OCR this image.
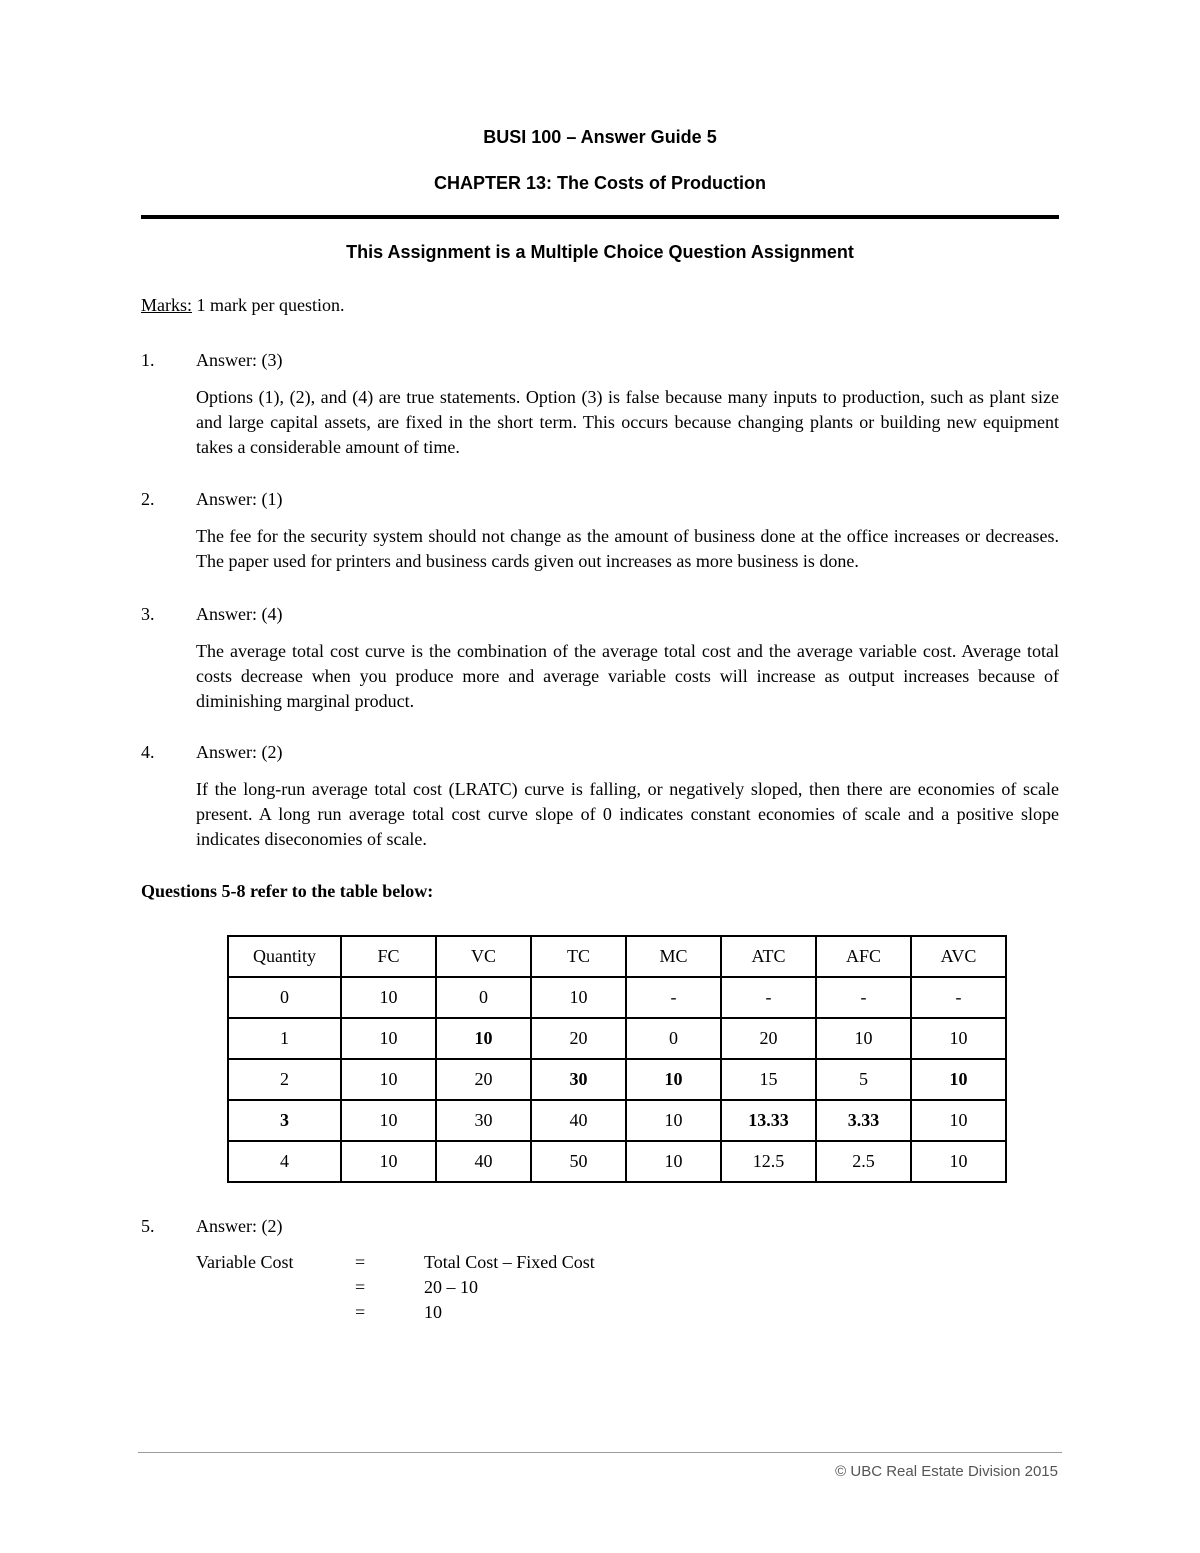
BUSI 100 – Answer Guide 5
CHAPTER 13: The Costs of Production
This Assignment is a Multiple Choice Question Assignment
Marks: 1 mark per question.
1. Answer: (3)
Options (1), (2), and (4) are true statements. Option (3) is false because many inputs to production, such as plant size and large capital assets, are fixed in the short term. This occurs because changing plants or building new equipment takes a considerable amount of time.
2. Answer: (1)
The fee for the security system should not change as the amount of business done at the office increases or decreases. The paper used for printers and business cards given out increases as more business is done.
3. Answer: (4)
The average total cost curve is the combination of the average total cost and the average variable cost. Average total costs decrease when you produce more and average variable costs will increase as output increases because of diminishing marginal product.
4. Answer: (2)
If the long-run average total cost (LRATC) curve is falling, or negatively sloped, then there are economies of scale present. A long run average total cost curve slope of 0 indicates constant economies of scale and a positive slope indicates diseconomies of scale.
Questions 5-8 refer to the table below:
Quantity	FC	VC	TC	MC	ATC	AFC	AVC
0	10	0	10	-	-	-	-
1	10	10	20	0	20	10	10
2	10	20	30	10	15	5	10
3	10	30	40	10	13.33	3.33	10
4	10	40	50	10	12.5	2.5	10
5. Answer: (2)
Variable Cost	=	Total Cost – Fixed Cost
=	20 – 10
=	10
© UBC Real Estate Division 2015
